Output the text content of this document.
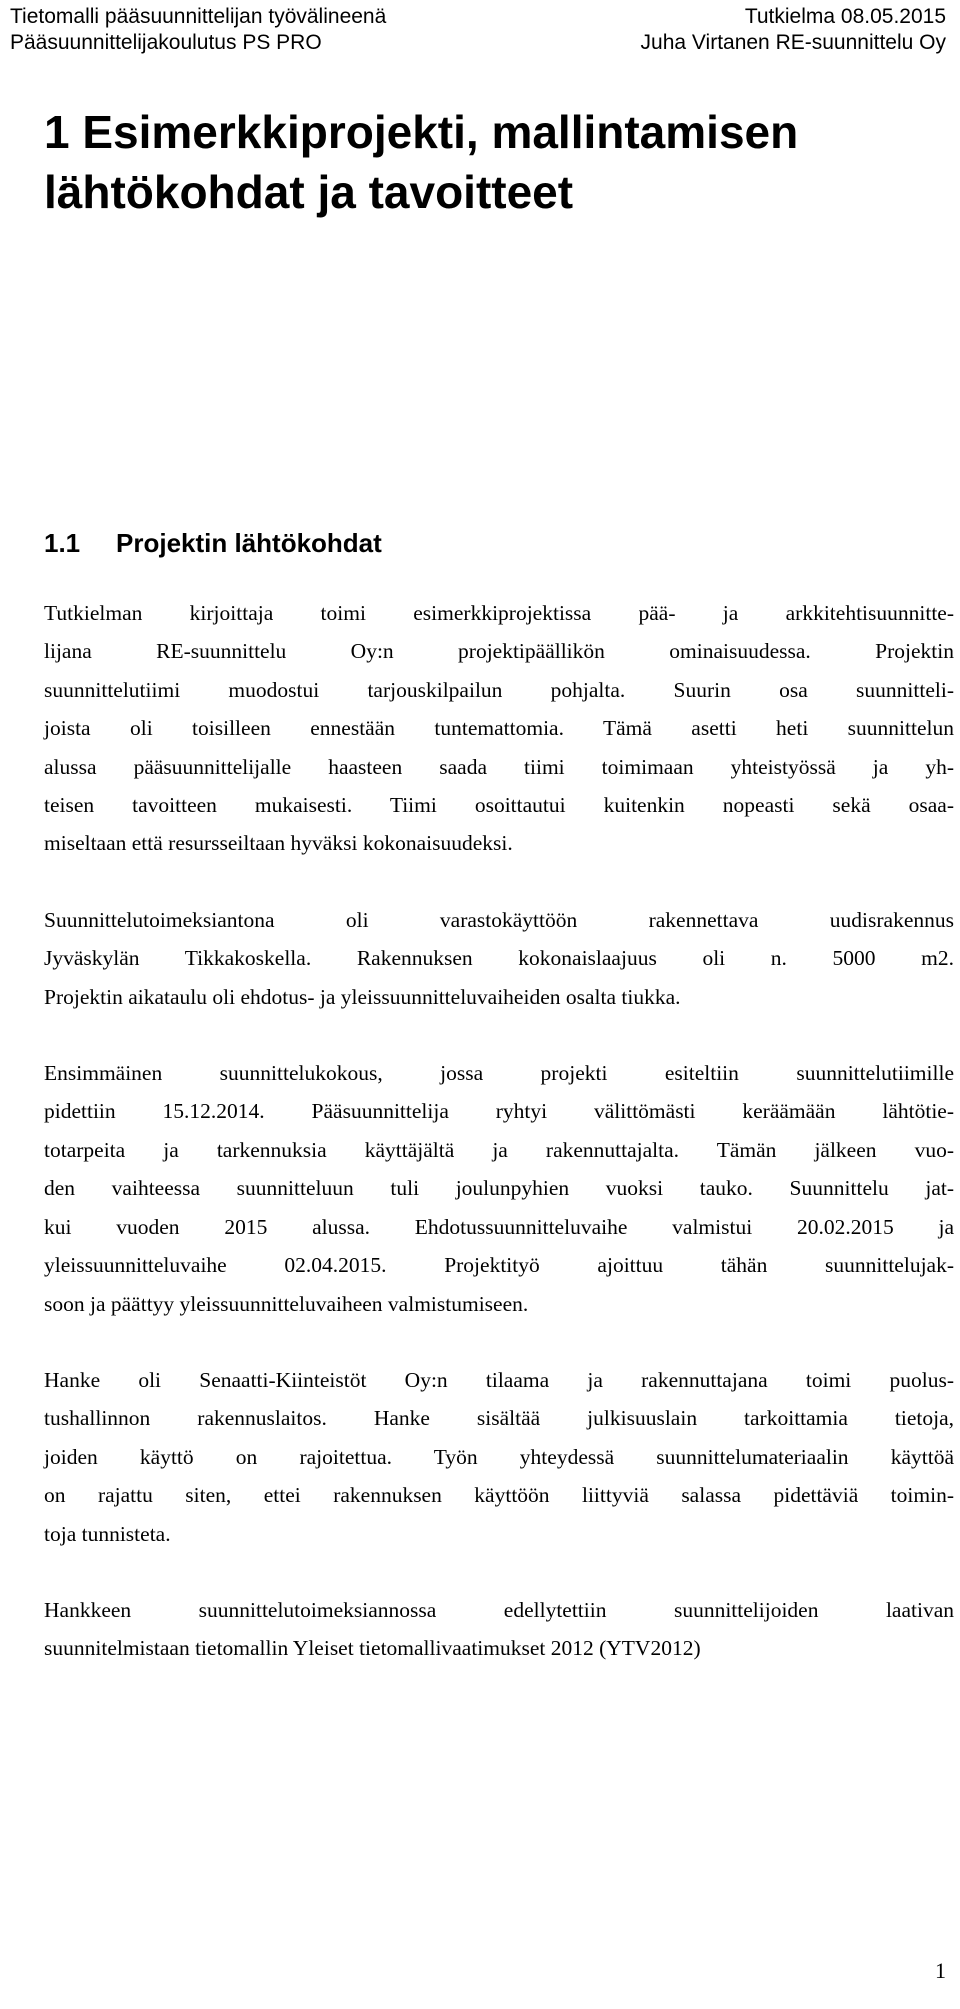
Tietomalli pääsuunnittelijan työvälineenä
Pääsuunnittelijakoulutus PS PRO
Tutkielma 08.05.2015
Juha Virtanen RE-suunnittelu Oy
1 Esimerkkiprojekti, mallintamisen
lähtökohdat ja tavoitteet
1.1 Projektin lähtökohdat

Tutkielman kirjoittaja toimi esimerkkiprojektissa pää- ja arkkitehtisuunnitte-
lijana RE-suunnittelu Oy:n projektipäällikön ominaisuudessa. Projektin
suunnittelutiimi muodostui tarjouskilpailun pohjalta. Suurin osa suunnitteli-
joista oli toisilleen ennestään tuntemattomia. Tämä asetti heti suunnittelun
alussa pääsuunnittelijalle haasteen saada tiimi toimimaan yhteistyössä ja yh-
teisen tavoitteen mukaisesti. Tiimi osoittautui kuitenkin nopeasti sekä osaa-
miseltaan että resursseiltaan hyväksi kokonaisuudeksi.

Suunnittelutoimeksiantona oli varastokäyttöön rakennettava uudisrakennus
Jyväskylän Tikkakoskella. Rakennuksen kokonaislaajuus oli n. 5000 m2.
Projektin aikataulu oli ehdotus- ja yleissuunnitteluvaiheiden osalta tiukka.

Ensimmäinen suunnittelukokous, jossa projekti esiteltiin suunnittelutiimille
pidettiin 15.12.2014. Pääsuunnittelija ryhtyi välittömästi keräämään lähtötie-
totarpeita ja tarkennuksia käyttäjältä ja rakennuttajalta. Tämän jälkeen vuo-
den vaihteessa suunnitteluun tuli joulunpyhien vuoksi tauko. Suunnittelu jat-
kui vuoden 2015 alussa. Ehdotussuunnitteluvaihe valmistui 20.02.2015 ja
yleissuunnitteluvaihe 02.04.2015. Projektityö ajoittuu tähän suunnittelujak-
soon ja päättyy yleissuunnitteluvaiheen valmistumiseen.

Hanke oli Senaatti-Kiinteistöt Oy:n tilaama ja rakennuttajana toimi puolus-
tushallinnon rakennuslaitos. Hanke sisältää julkisuuslain tarkoittamia tietoja,
joiden käyttö on rajoitettua. Työn yhteydessä suunnittelumateriaalin käyttöä
on rajattu siten, ettei rakennuksen käyttöön liittyviä salassa pidettäviä toimin-
toja tunnisteta.

Hankkeen suunnittelutoimeksiannossa edellytettiin suunnittelijoiden laativan
suunnitelmistaan tietomallin Yleiset tietomallivaatimukset 2012 (YTV2012)

1
